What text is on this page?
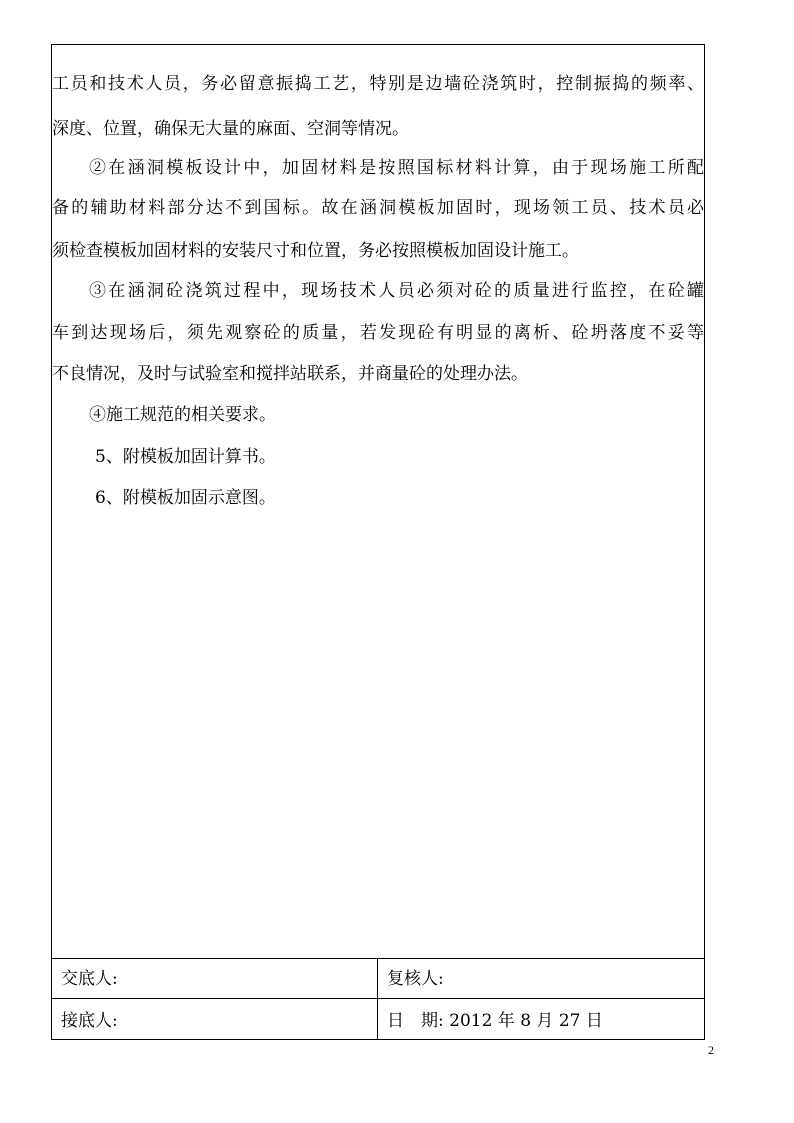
工员和技术人员，务必留意振捣工艺，特别是边墙砼浇筑时，控制振捣的频率、
深度、位置，确保无大量的麻面、空洞等情况。
②在涵洞模板设计中，加固材料是按照国标材料计算，由于现场施工所配
备的辅助材料部分达不到国标。故在涵洞模板加固时，现场领工员、技术员必
须检查模板加固材料的安装尺寸和位置，务必按照模板加固设计施工。
③在涵洞砼浇筑过程中，现场技术人员必须对砼的质量进行监控，在砼罐
车到达现场后，须先观察砼的质量，若发现砼有明显的离析、砼坍落度不妥等
不良情况，及时与试验室和搅拌站联系，并商量砼的处理办法。
④施工规范的相关要求。
5、附模板加固计算书。
6、附模板加固示意图。
交底人:	复核人:
接底人:	日　期: 2012 年 8 月 27 日
2
